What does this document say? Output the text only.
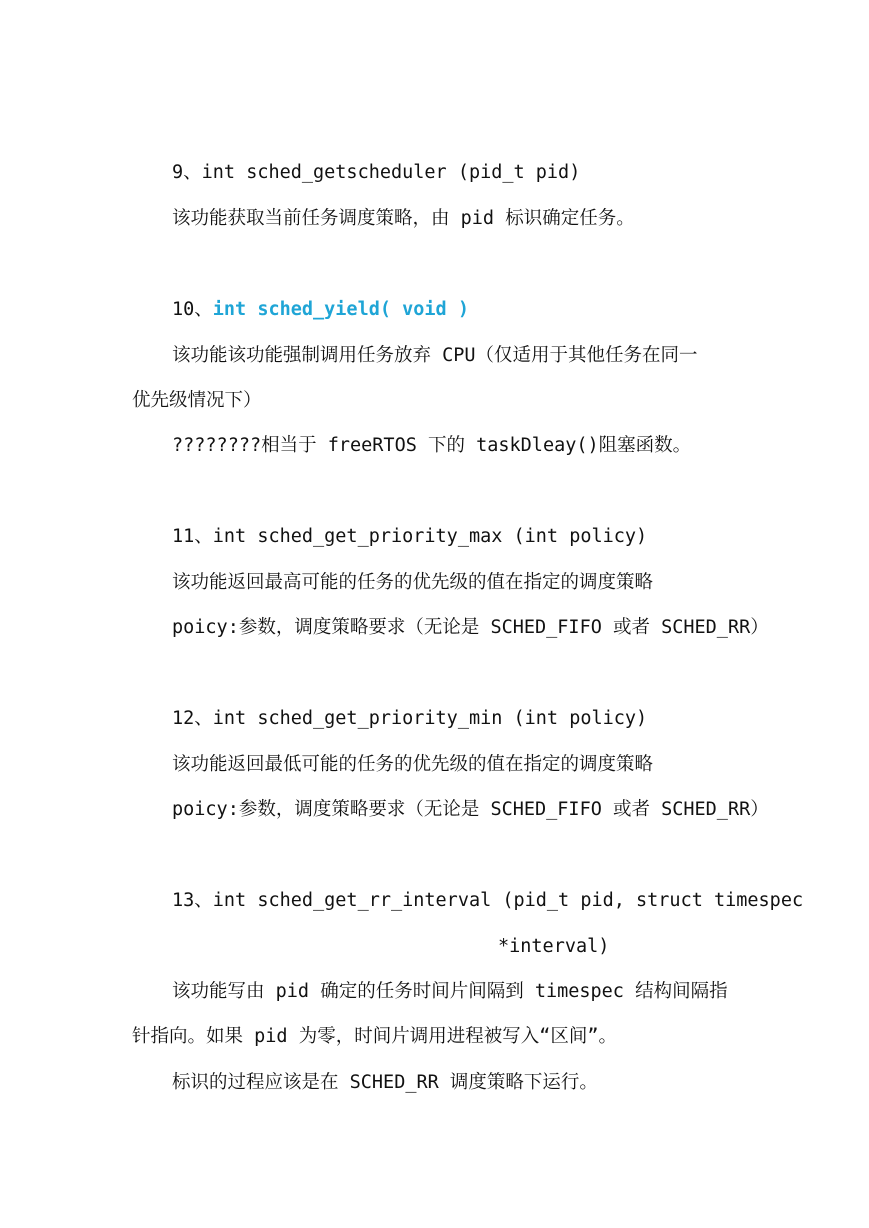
9、int sched_getscheduler (pid_t pid)

该功能获取当前任务调度策略，由 pid 标识确定任务。

10、int sched_yield( void )

该功能该功能强制调用任务放弃 CPU（仅适用于其他任务在同一

优先级情况下）

????????相当于 freeRTOS 下的 taskDleay()阻塞函数。

11、int sched_get_priority_max (int policy)

该功能返回最高可能的任务的优先级的值在指定的调度策略

poicy:参数，调度策略要求（无论是 SCHED_FIFO 或者 SCHED_RR）

12、int sched_get_priority_min (int policy)

该功能返回最低可能的任务的优先级的值在指定的调度策略

poicy:参数，调度策略要求（无论是 SCHED_FIFO 或者 SCHED_RR）

13、int sched_get_rr_interval (pid_t pid, struct timespec

*interval)

该功能写由 pid 确定的任务时间片间隔到 timespec 结构间隔指

针指向。如果 pid 为零，时间片调用进程被写入“区间”。

标识的过程应该是在 SCHED_RR 调度策略下运行。
